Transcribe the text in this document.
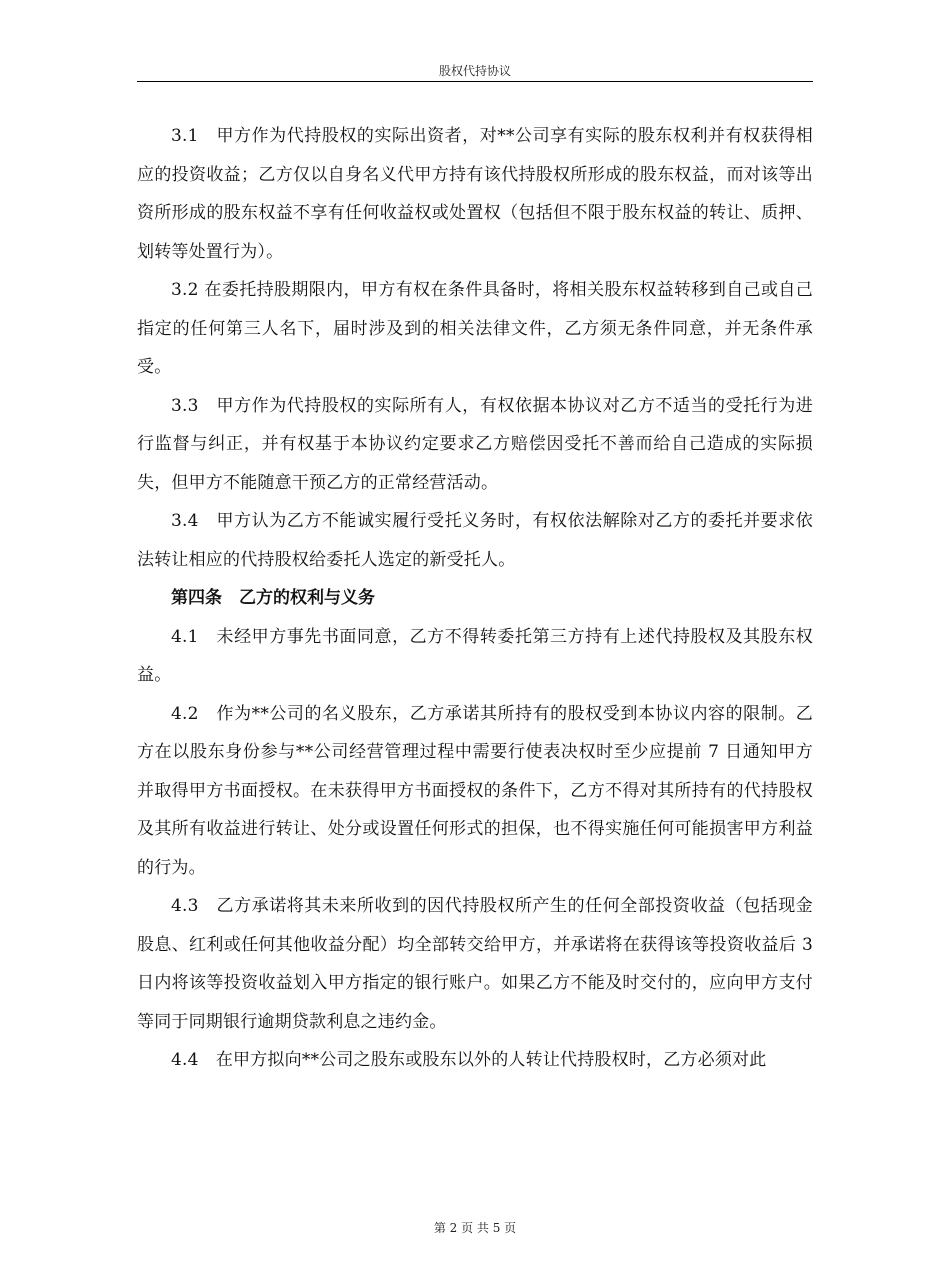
股权代持协议

3.1　甲方作为代持股权的实际出资者，对**公司享有实际的股东权利并有权获得相应的投资收益；乙方仅以自身名义代甲方持有该代持股权所形成的股东权益，而对该等出资所形成的股东权益不享有任何收益权或处置权（包括但不限于股东权益的转让、质押、划转等处置行为）。

3.2 在委托持股期限内，甲方有权在条件具备时，将相关股东权益转移到自己或自己指定的任何第三人名下，届时涉及到的相关法律文件，乙方须无条件同意，并无条件承受。

3.3　甲方作为代持股权的实际所有人，有权依据本协议对乙方不适当的受托行为进行监督与纠正，并有权基于本协议约定要求乙方赔偿因受托不善而给自己造成的实际损失，但甲方不能随意干预乙方的正常经营活动。

3.4　甲方认为乙方不能诚实履行受托义务时，有权依法解除对乙方的委托并要求依法转让相应的代持股权给委托人选定的新受托人。

第四条　乙方的权利与义务

4.1　未经甲方事先书面同意，乙方不得转委托第三方持有上述代持股权及其股东权益。

4.2　作为**公司的名义股东，乙方承诺其所持有的股权受到本协议内容的限制。乙方在以股东身份参与**公司经营管理过程中需要行使表决权时至少应提前 7 日通知甲方并取得甲方书面授权。在未获得甲方书面授权的条件下，乙方不得对其所持有的代持股权及其所有收益进行转让、处分或设置任何形式的担保，也不得实施任何可能损害甲方利益的行为。

4.3　乙方承诺将其未来所收到的因代持股权所产生的任何全部投资收益（包括现金股息、红利或任何其他收益分配）均全部转交给甲方，并承诺将在获得该等投资收益后 3 日内将该等投资收益划入甲方指定的银行账户。如果乙方不能及时交付的，应向甲方支付等同于同期银行逾期贷款利息之违约金。

4.4　在甲方拟向**公司之股东或股东以外的人转让代持股权时，乙方必须对此

第 2 页 共 5 页
